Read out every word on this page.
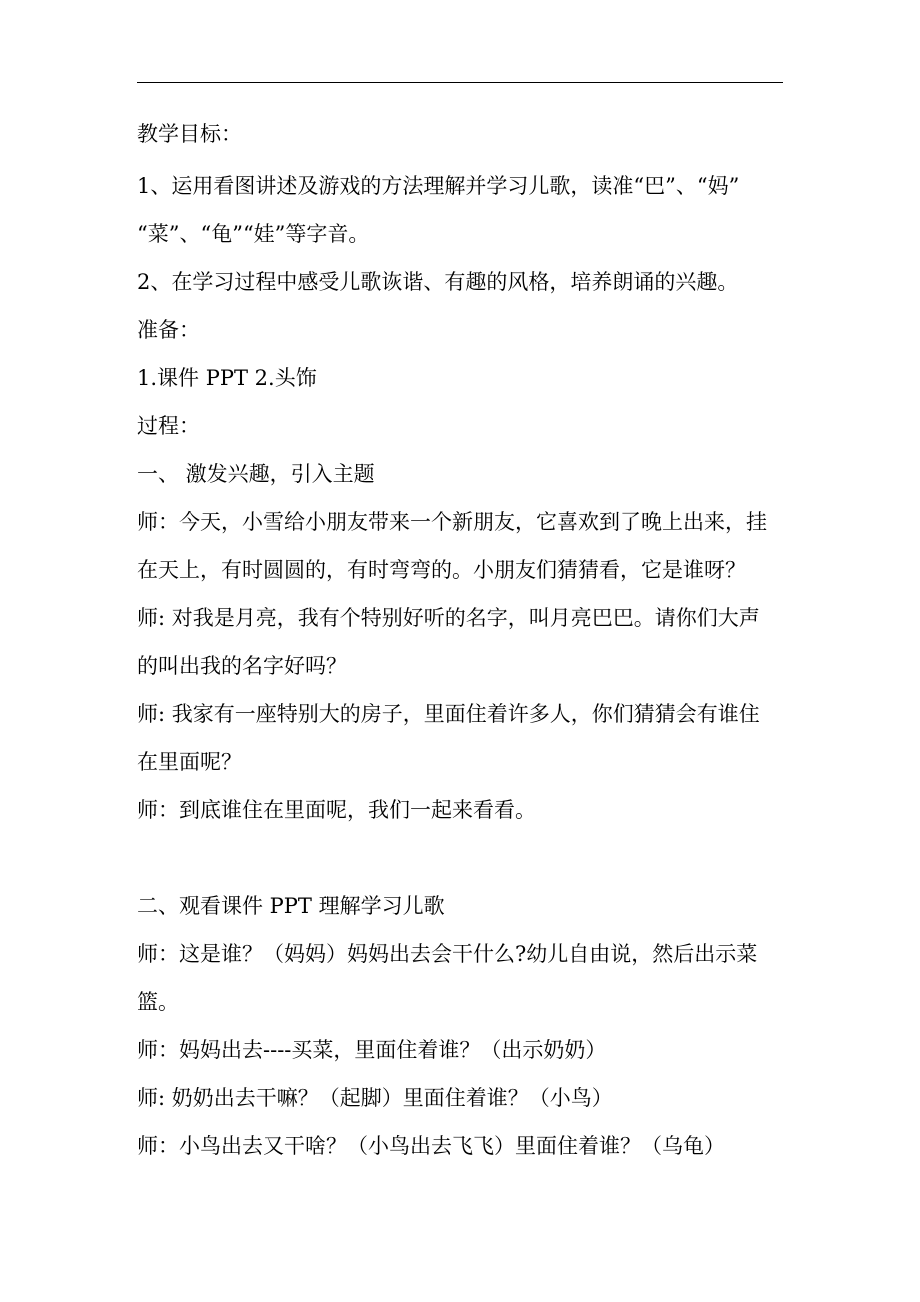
教学目标：
1、运用看图讲述及游戏的方法理解并学习儿歌，读准“巴”、“妈”
“菜”、“龟”“娃”等字音。
2、在学习过程中感受儿歌诙谐、有趣的风格，培养朗诵的兴趣。
准备：
1.课件 PPT 2.头饰
过程：
一、 激发兴趣，引入主题
师：今天，小雪给小朋友带来一个新朋友，它喜欢到了晚上出来，挂
在天上，有时圆圆的，有时弯弯的。小朋友们猜猜看，它是谁呀？
师: 对我是月亮，我有个特别好听的名字，叫月亮巴巴。请你们大声
的叫出我的名字好吗？
师: 我家有一座特别大的房子，里面住着许多人，你们猜猜会有谁住
在里面呢？
师：到底谁住在里面呢，我们一起来看看。
二、观看课件 PPT 理解学习儿歌
师：这是谁？（妈妈）妈妈出去会干什么?幼儿自由说，然后出示菜
篮。
师：妈妈出去----买菜，里面住着谁？（出示奶奶）
师: 奶奶出去干嘛？（起脚）里面住着谁？（小鸟）
师：小鸟出去又干啥？（小鸟出去飞飞）里面住着谁？（乌龟）
